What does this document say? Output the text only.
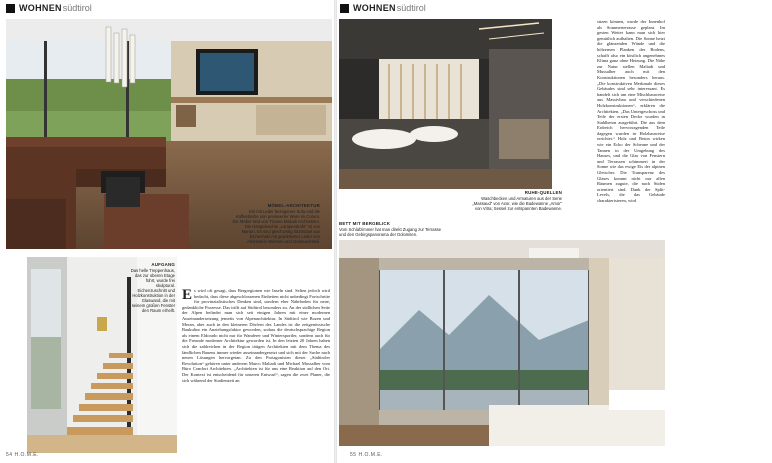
WOHNEN südtirol
MÖBEL-ARCHITEKTUR
Ein mit Leder bezogenes Sofa und die Kaffeetische von preiswerter Ware im Corum. Die Möbel sind von Tiziano Maliadi Architekten. Die Hängeleuchte „Lampendraht“ ist von Marum. Es sind gleichzeitig Sitzmöbel aus Eichenholz mit gepolsterter Leder von Ahornstein Wohnen und Gebrauchsteil.
AUFGANG
Das helle Treppenhaus, das zur oberen Etage führt, wurde frei skulptural. Eichenzuschnitt und Holzkonstruktion in der Glaswand, die mit seinem großen Fenster den Raum erhellt.

Es wird oft gesagt, dass Bergregionen wie Inseln sind. Selten jedoch wird bedacht, dass diese abgeschlossenen Einheiten nicht unbedingt Fortschritte für provinzialistisches Denken sind, sondern eher Nährboden für neue, gedankliche Prozesse. Das trifft auf Südtirol besonders zu. An der südlichen Seite der Alpen befindet man sich seit einigen Jahren mit einer modernen Auseinandersetzung jenseits von Alpenarchitektur. In Südtirol wie Bozen und Meran, aber auch in den kleineren Dörfern des Landes ist die zeitgenössische Baukultur ein Anziehungsfaktor geworden, sodass die deutschsprachige Region als einem Eldorado nicht nur für Wanderer und Wintersportler, sondern auch für die Freunde moderner Architektur geworden ist. In den letzten 20 Jahren haben sich die zahlreichen in der Region tätigen Architekten mit dem Thema des ländlichen Bauens immer wieder auseinandergesetzt und sich mit der Suche nach neuen Lösungen hervorgetan. Zu den Protagonisten dieser „Südtiroler Revolution“ gehören unter anderem Marco Maliadi und Michael Mussalber vom Büro Comfort Architekten. „Architekten ist für uns eine Reaktion auf den Ort. Der Kontext ist entscheidend für unseren Entwurf“, sagen die zwei Planer, die sich während der Studienzeit an

54 H.O.M.E.
WOHNEN südtirol
RUHE-QUELLEN
Waschbecken und Armaturen aus der Serie „Massaud“ von Axor, wie die Badewanne „Amor“ von Vitra; Sessel zur entspannten Badewanne.
BETT MIT BERGBLICK
Vom Schlafzimmer hat man direkt Zugang zur Terrasse und den Gebirgspanorama der Dolomiten.

sitzen können, wurde der Innenhof als Sommerterrasse geplant. Im gesten Wetter kann man sich hier gemütlich aufhalten. Die Sonne heizt die glänzenden Wände und die hölzernen Planken des Bodens, schafft also ein köstlich angenehmes Klima ganz ohne Heizung. Die Nähe zur Natur stellen Maliadi und Mussalber auch mit den Konstruktionen besonders heraus. „Die konstruktiven Merkmale dieses Gebäudes sind sehr interessant. Es handelt sich um eine Mischbauweise aus Massivbau und verschiedenen Holzkonstruktionen“, erklären die Architekten. „Das Untergeschoss und Teile der ersten Decke wurden in Stahlbeton ausgeführt. Die aus dem Erdreich hervorragenden Teile dagegen wurden in Holzbauweise errichtet.“ Holz und Beton wirken wie ein Echo der Scheune und der Tannen in der Umgebung des Hauses, und die Glas von Fenstern und Terrassen schimmert in der Sonne wie das ewige Eis der alpinen Gletscher. Die Transparenz des Glases kommt nicht nur allen Räumen zugute, die nach Süden orientiert sind. Dank der Split-Levels, die das Gebäude charakterisieren, wird

55 H.O.M.E.
